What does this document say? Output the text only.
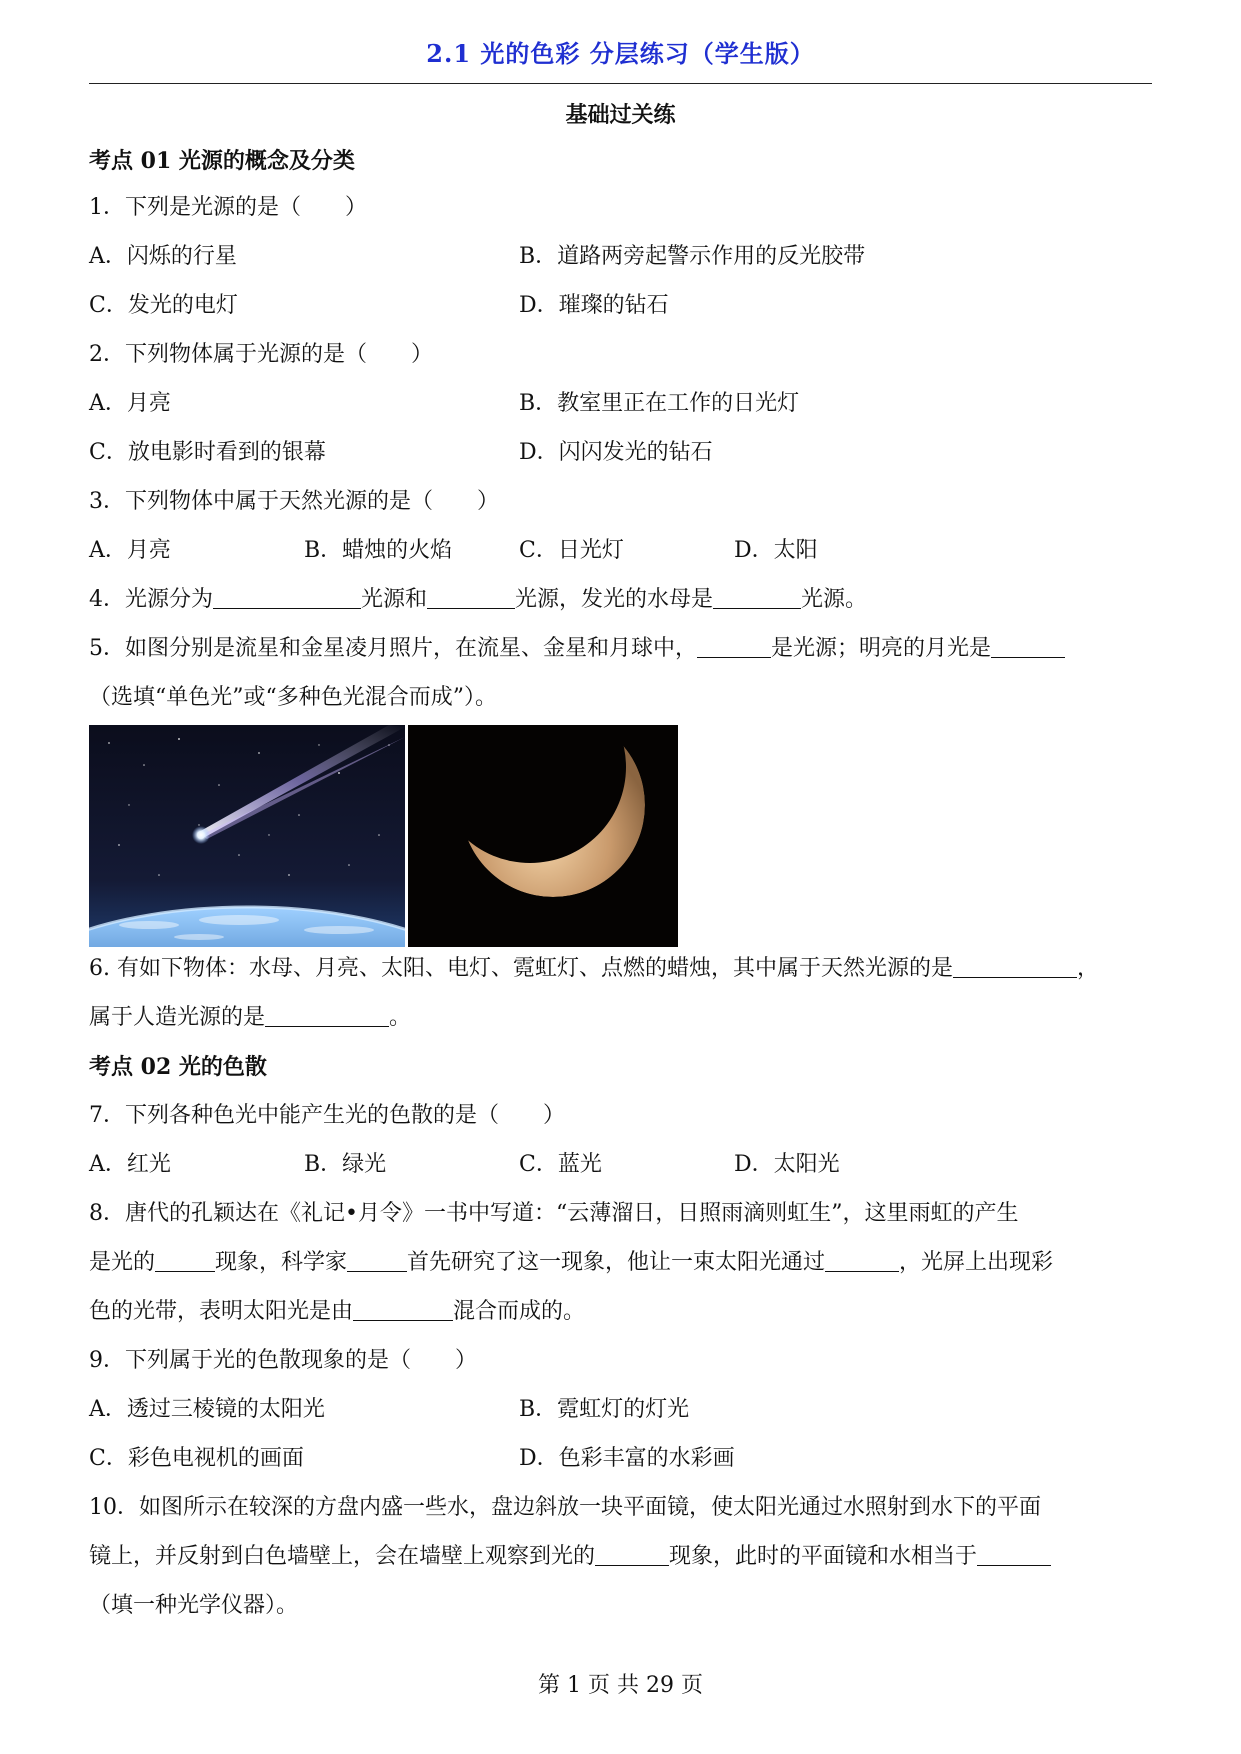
2.1 光的色彩 分层练习（学生版）
基础过关练
考点 01 光源的概念及分类
1．下列是光源的是（　　）
A．闪烁的行星	B．道路两旁起警示作用的反光胶带
C．发光的电灯	D．璀璨的钻石
2．下列物体属于光源的是（　　）
A．月亮	B．教室里正在工作的日光灯
C．放电影时看到的银幕	D．闪闪发光的钻石
3．下列物体中属于天然光源的是（　　）
A．月亮	B．蜡烛的火焰	C．日光灯	D．太阳
4．光源分为	光源和	光源，发光的水母是	光源。
5．如图分别是流星和金星凌月照片，在流星、金星和月球中，	是光源；明亮的月光是
（选填“单色光”或“多种色光混合而成”）。
6. 有如下物体：水母、月亮、太阳、电灯、霓虹灯、点燃的蜡烛，其中属于天然光源的是	，
属于人造光源的是	。
考点 02 光的色散
7．下列各种色光中能产生光的色散的是（　　）
A．红光	B．绿光	C．蓝光	D．太阳光
8．唐代的孔颖达在《礼记•月令》一书中写道：“云薄溜日，日照雨滴则虹生”，这里雨虹的产生
是光的	现象，科学家	首先研究了这一现象，他让一束太阳光通过	，光屏上出现彩
色的光带，表明太阳光是由	混合而成的。
9．下列属于光的色散现象的是（　　）
A．透过三棱镜的太阳光	B．霓虹灯的灯光
C．彩色电视机的画面	D．色彩丰富的水彩画
10．如图所示在较深的方盘内盛一些水，盘边斜放一块平面镜，使太阳光通过水照射到水下的平面
镜上，并反射到白色墙壁上，会在墙壁上观察到光的	现象，此时的平面镜和水相当于
（填一种光学仪器）。
第 1 页 共 29 页
